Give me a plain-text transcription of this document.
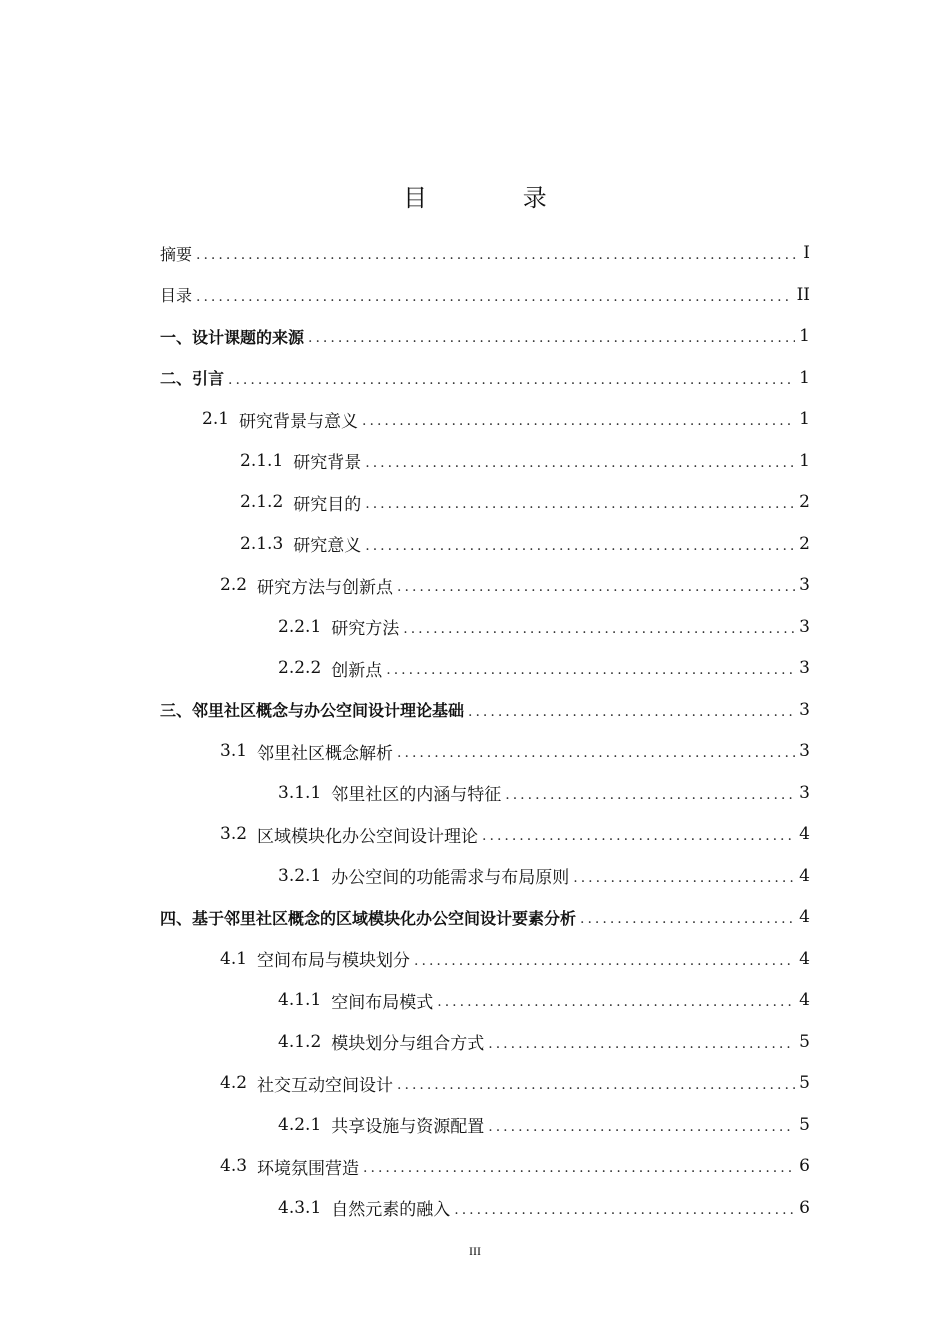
目 录
摘要 .....	I
目录 .....	II
一、设计课题的来源 .....	1
二、引言 .....	1
2.1 研究背景与意义 .....	1
2.1.1 研究背景 .....	1
2.1.2 研究目的 .....	2
2.1.3 研究意义 .....	2
2.2 研究方法与创新点 .....	3
2.2.1 研究方法 .....	3
2.2.2 创新点 .....	3
三、邻里社区概念与办公空间设计理论基础 .....	3
3.1 邻里社区概念解析 .....	3
3.1.1 邻里社区的内涵与特征 .....	3
3.2 区域模块化办公空间设计理论 .....	4
3.2.1 办公空间的功能需求与布局原则 .....	4
四、基于邻里社区概念的区域模块化办公空间设计要素分析 .....	4
4.1 空间布局与模块划分 .....	4
4.1.1 空间布局模式 .....	4
4.1.2 模块划分与组合方式 .....	5
4.2 社交互动空间设计 .....	5
4.2.1 共享设施与资源配置 .....	5
4.3 环境氛围营造 .....	6
4.3.1 自然元素的融入 .....	6
III
